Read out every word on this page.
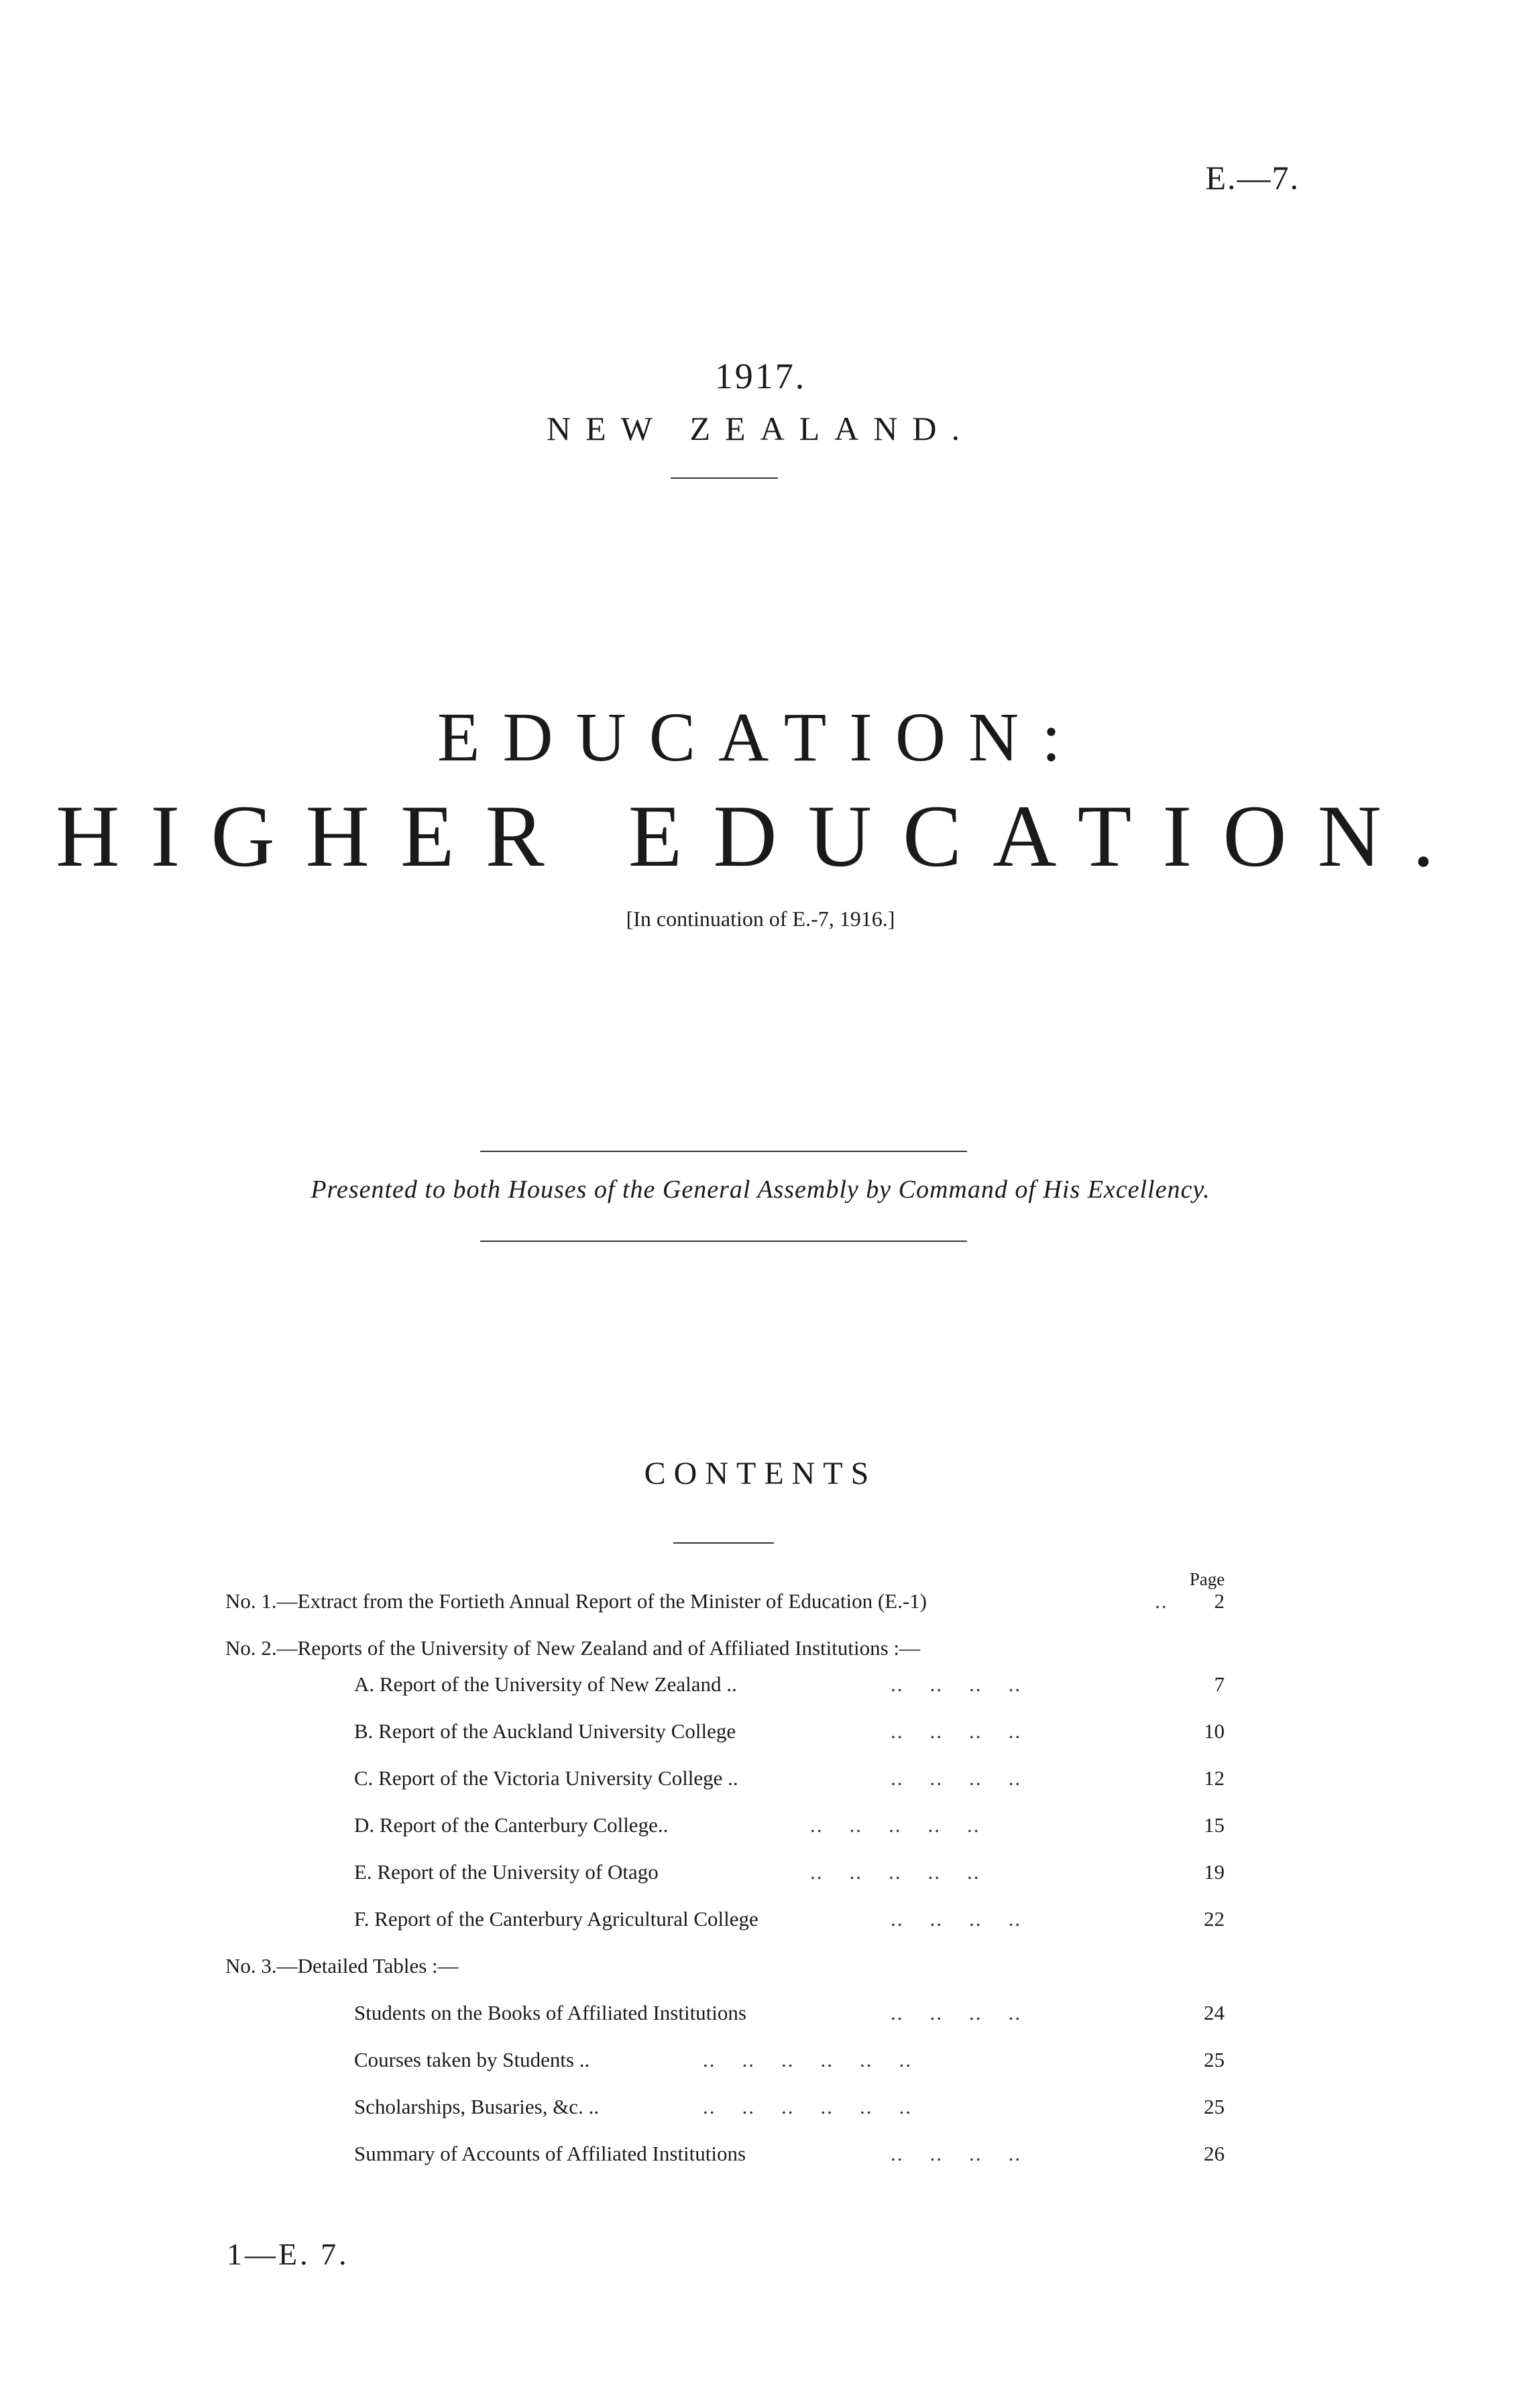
E.—7.
1917.
NEW ZEALAND.
EDUCATION:
HIGHER EDUCATION.
[In continuation of E.-7, 1916.]
Presented to both Houses of the General Assembly by Command of His Excellency.
CONTENTS
Page
No. 1.—Extract from the Fortieth Annual Report of the Minister of Education (E.-1)	..	2
No. 2.—Reports of the University of New Zealand and of Affiliated Institutions :—
A. Report of the University of New Zealand ..	..    ..    ..    ..	7
B. Report of the Auckland University College	..    ..    ..    ..	10
C. Report of the Victoria University College ..	..    ..    ..    ..	12
D. Report of the Canterbury College..	..    ..    ..    ..    ..	15
E. Report of the University of Otago	..    ..    ..    ..    ..	19
F. Report of the Canterbury Agricultural College	..    ..    ..    ..	22
No. 3.—Detailed Tables :—
Students on the Books of Affiliated Institutions	..    ..    ..    ..	24
Courses taken by Students ..	..    ..    ..    ..    ..    ..	25
Scholarships, Busaries, &c. ..	..    ..    ..    ..    ..    ..	25
Summary of Accounts of Affiliated Institutions	..    ..    ..    ..	26
1—E. 7.
